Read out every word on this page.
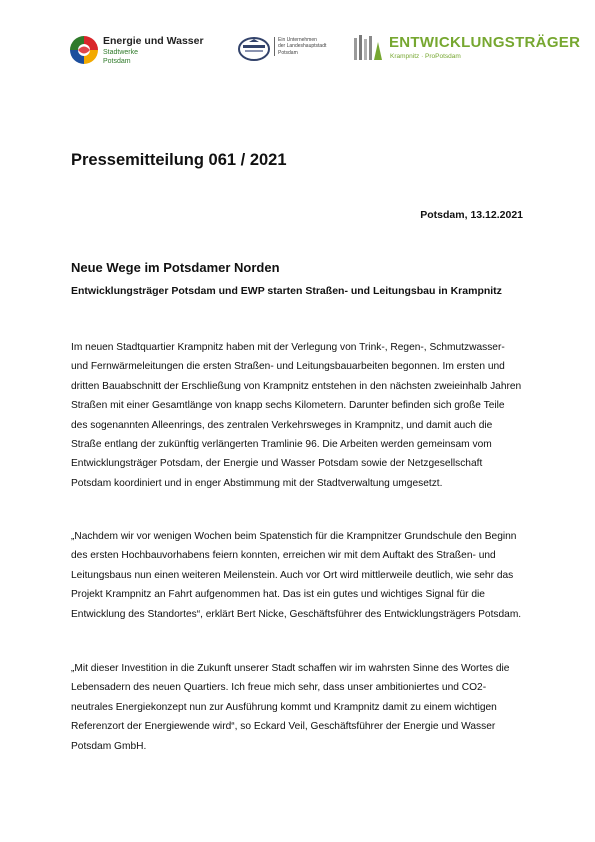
Energie und Wasser
Stadtwerke
Potsdam
Ein Unternehmen
der Landeshauptstadt
Potsdam
ENTWICKLUNGSTRÄGER
Krampnitz · ProPotsdam
Pressemitteilung 061 / 2021
Potsdam, 13.12.2021
Neue Wege im Potsdamer Norden

Entwicklungsträger Potsdam und EWP starten Straßen- und Leitungsbau in Krampnitz

Im neuen Stadtquartier Krampnitz haben mit der Verlegung von Trink-, Regen-, Schmutzwasser- und Fernwärmeleitungen die ersten Straßen- und Leitungsbauarbeiten begonnen. Im ersten und dritten Bauabschnitt der Erschließung von Krampnitz entstehen in den nächsten zweieinhalb Jahren Straßen mit einer Gesamtlänge von knapp sechs Kilometern. Darunter befinden sich große Teile des sogenannten Alleenrings, des zentralen Verkehrsweges in Krampnitz, und damit auch die Straße entlang der zukünftig verlängerten Tramlinie 96. Die Arbeiten werden gemeinsam vom Entwicklungsträger Potsdam, der Energie und Wasser Potsdam sowie der Netzgesellschaft Potsdam koordiniert und in enger Abstimmung mit der Stadtverwaltung umgesetzt.

„Nachdem wir vor wenigen Wochen beim Spatenstich für die Krampnitzer Grundschule den Beginn des ersten Hochbauvorhabens feiern konnten, erreichen wir mit dem Auftakt des Straßen- und Leitungsbaus nun einen weiteren Meilenstein. Auch vor Ort wird mittlerweile deutlich, wie sehr das Projekt Krampnitz an Fahrt aufgenommen hat. Das ist ein gutes und wichtiges Signal für die Entwicklung des Standortes“, erklärt Bert Nicke, Geschäftsführer des Entwicklungsträgers Potsdam.

„Mit dieser Investition in die Zukunft unserer Stadt schaffen wir im wahrsten Sinne des Wortes die Lebensadern des neuen Quartiers. Ich freue mich sehr, dass unser ambitioniertes und CO2-neutrales Energiekonzept nun zur Ausführung kommt und Krampnitz damit zu einem wichtigen Referenzort der Energiewende wird“, so Eckard Veil, Geschäftsführer der Energie und Wasser Potsdam GmbH.
